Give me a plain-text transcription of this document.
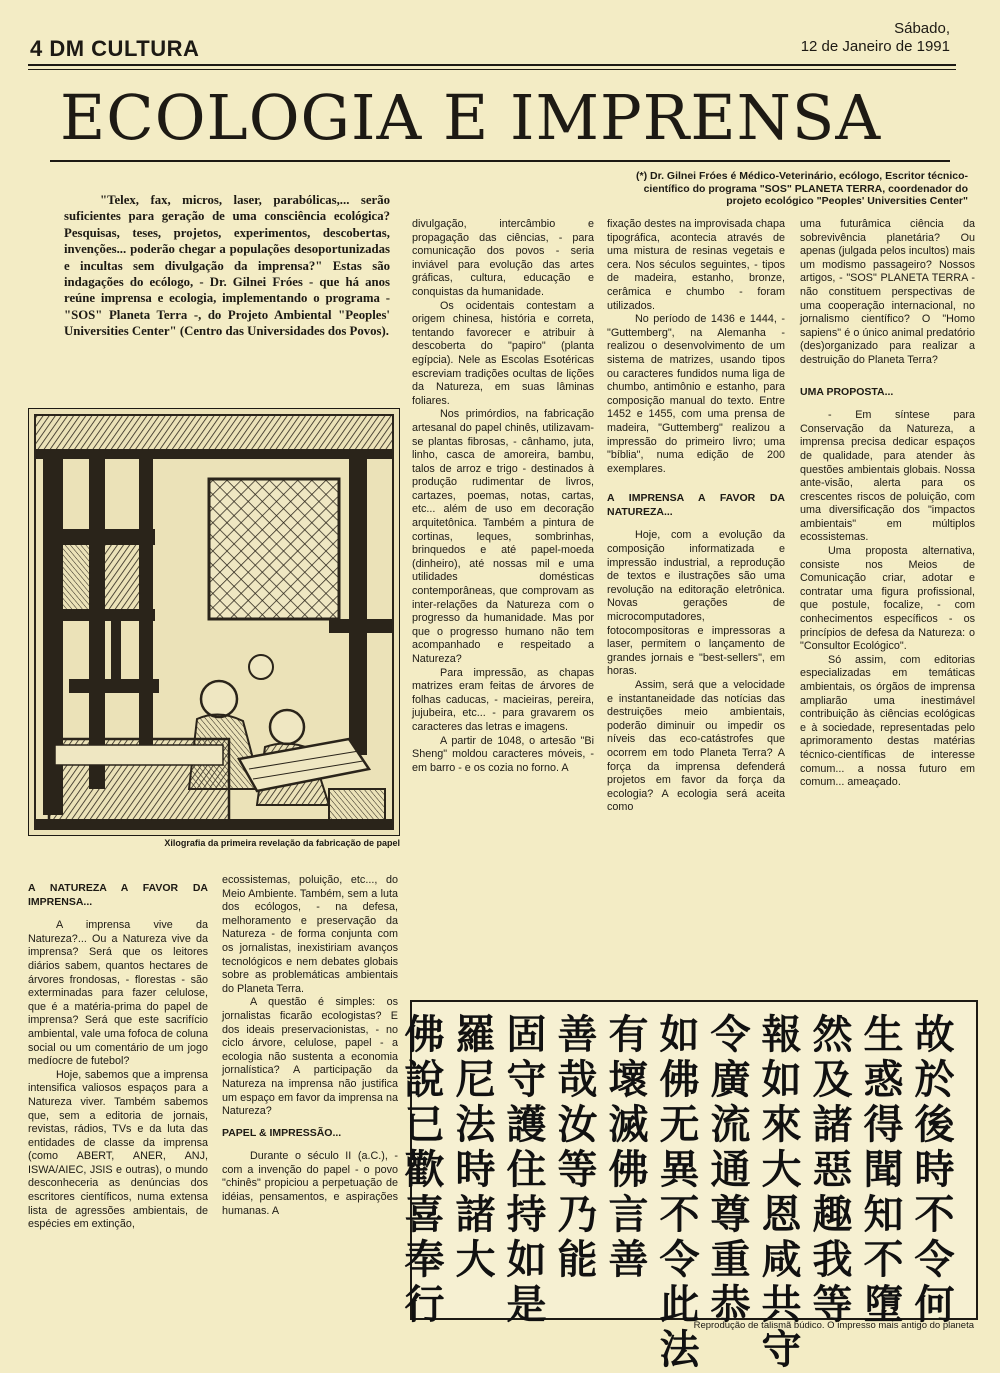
4 DM CULTURA
Sábado,
12 de Janeiro de 1991
ECOLOGIA E IMPRENSA
(*) Dr. Gilnei Fróes é Médico-Veterinário, ecólogo, Escritor técnico-científico do programa "SOS" PLANETA TERRA, coordenador do projeto ecológico "Peoples' Universities Center"

"Telex, fax, micros, laser, parabólicas,... serão suficientes para geração de uma consciência ecológica? Pesquisas, teses, projetos, experimentos, descobertas, invenções... poderão chegar a populações desoportunizadas e incultas sem divulgação da imprensa?" Estas são indagações do ecólogo, - Dr. Gilnei Fróes - que há anos reúne imprensa e ecologia, implementando o programa - "SOS" Planeta Terra -, do Projeto Ambiental "Peoples' Universities Center" (Centro das Universidades dos Povos).

Xilografia da primeira revelação da fabricação de papel

A NATUREZA A FAVOR DA IMPRENSA...

A imprensa vive da Natureza?... Ou a Natureza vive da imprensa? Será que os leitores diários sabem, quantos hectares de árvores frondosas, - florestas - são exterminadas para fazer celulose, que é a matéria-prima do papel de imprensa? Será que este sacrifício ambiental, vale uma fofoca de coluna social ou um comentário de um jogo medíocre de futebol?

Hoje, sabemos que a imprensa intensifica valiosos espaços para a Natureza viver. Também sabemos que, sem a editoria de jornais, revistas, rádios, TVs e da luta das entidades de classe da imprensa (como ABERT, ANER, ANJ, ISWA/AIEC, JSIS e outras), o mundo desconheceria as denúncias dos escritores científicos, numa extensa lista de agressões ambientais, de espécies em extinção,

ecossistemas, poluição, etc..., do Meio Ambiente. Também, sem a luta dos ecólogos, - na defesa, melhoramento e preservação da Natureza - de forma conjunta com os jornalistas, inexistiriam avanços tecnológicos e nem debates globais sobre as problemáticas ambientais do Planeta Terra.

A questão é simples: os jornalistas ficarão ecologistas? E dos ideais preservacionistas, - no ciclo árvore, celulose, papel - a ecologia não sustenta a economia jornalística? A participação da Natureza na imprensa não justifica um espaço em favor da imprensa na Natureza?

PAPEL & IMPRESSÃO...

Durante o século II (a.C.), - com a invenção do papel - o povo "chinês" propiciou a perpetuação de idéias, pensamentos, e aspirações humanas. A

divulgação, intercâmbio e propagação das ciências, - para comunicação dos povos - seria inviável para evolução das artes gráficas, cultura, educação e conquistas da humanidade.

Os ocidentais contestam a origem chinesa, história e correta, tentando favorecer e atribuir à descoberta do "papiro" (planta egípcia). Nele as Escolas Esotéricas escreviam tradições ocultas de lições da Natureza, em suas lâminas foliares.

Nos primórdios, na fabricação artesanal do papel chinês, utilizavam-se plantas fibrosas, - cânhamo, juta, linho, casca de amoreira, bambu, talos de arroz e trigo - destinados à produção rudimentar de livros, cartazes, poemas, notas, cartas, etc... além de uso em decoração arquitetônica. Também a pintura de cortinas, leques, sombrinhas, brinquedos e até papel-moeda (dinheiro), até nossas mil e uma utilidades domésticas contemporâneas, que comprovam as inter-relações da Natureza com o progresso da humanidade. Mas por que o progresso humano não tem acompanhado e respeitado a Natureza?

Para impressão, as chapas matrizes eram feitas de árvores de folhas caducas, - macieiras, pereira, jujubeira, etc... - para gravarem os caracteres das letras e imagens.

A partir de 1048, o artesão "Bi Sheng" moldou caracteres móveis, - em barro - e os cozia no forno. A

fixação destes na improvisada chapa tipográfica, acontecia através de uma mistura de resinas vegetais e cera. Nos séculos seguintes, - tipos de madeira, estanho, bronze, cerâmica e chumbo - foram utilizados.

No período de 1436 e 1444, - "Guttemberg", na Alemanha - realizou o desenvolvimento de um sistema de matrizes, usando tipos ou caracteres fundidos numa liga de chumbo, antimônio e estanho, para composição manual do texto. Entre 1452 e 1455, com uma prensa de madeira, "Guttemberg" realizou a impressão do primeiro livro; uma "bíblia", numa edição de 200 exemplares.

A IMPRENSA A FAVOR DA NATUREZA...

Hoje, com a evolução da composição informatizada e impressão industrial, a reprodução de textos e ilustrações são uma revolução na editoração eletrônica. Novas gerações de microcomputadores, fotocompositoras e impressoras a laser, permitem o lançamento de grandes jornais e "best-sellers", em horas.

Assim, será que a velocidade e instantaneidade das notícias das destruições meio ambientais, poderão diminuir ou impedir os níveis das eco-catástrofes que ocorrem em todo Planeta Terra? A força da imprensa defenderá projetos em favor da força da ecologia? A ecologia será aceita como

uma futurâmica ciência da sobrevivência planetária? Ou apenas (julgada pelos incultos) mais um modismo passageiro? Nossos artigos, - "SOS" PLANETA TERRA - não constituem perspectivas de uma cooperação internacional, no jornalismo científico? O "Homo sapiens" é o único animal predatório (des)organizado para realizar a destruição do Planeta Terra?

UMA PROPOSTA...

- Em síntese para Conservação da Natureza, a imprensa precisa dedicar espaços de qualidade, para atender às questões ambientais globais. Nossa ante-visão, alerta para os crescentes riscos de poluição, com uma diversificação dos "impactos ambientais" em múltiplos ecossistemas.

Uma proposta alternativa, consiste nos Meios de Comunicação criar, adotar e contratar uma figura profissional, que postule, focalize, - com conhecimentos específicos - os princípios de defesa da Natureza: o "Consultor Ecológico".

Só assim, com editorias especializadas em temáticas ambientais, os órgãos de imprensa ampliarão uma inestimável contribuição às ciências ecológicas e à sociedade, representadas pelo aprimoramento destas matérias técnico-científicas de interesse comum... a nossa futuro em comum... ameaçado.

故於後時不令何
生惑得聞知不墮
然及諸惡趣我等
報如來大恩咸共守
令廣流通尊重恭
如佛无異不令此法
有壞滅佛言善
善哉汝等乃能
固守護住持如是
羅尼法時諸大
佛說已歡喜奉行	Reprodução de talismã búdico. O impresso mais antigo do planeta
